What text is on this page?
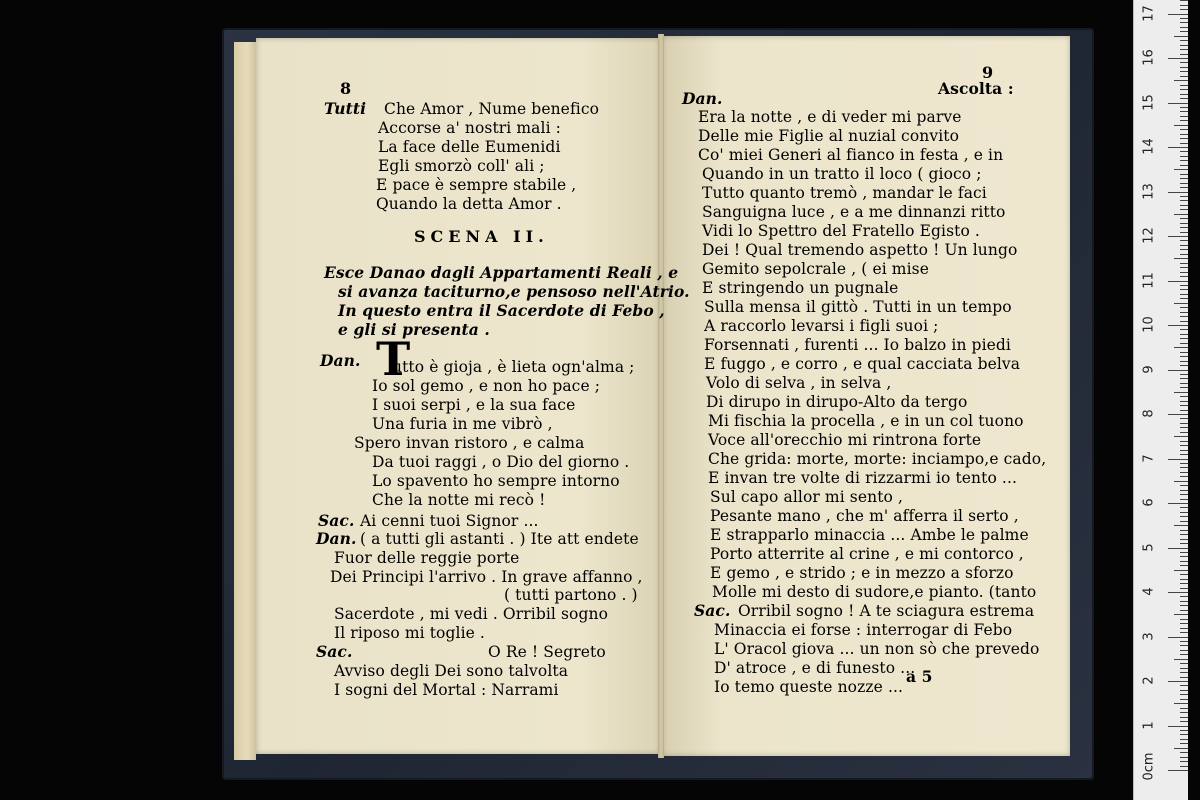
Tutti Che Amor , Nume benefico
Accorse a' nostri mali :
La face delle Eumenidi
Egli smorzò coll' ali ;
E pace è sempre stabile ,
Quando la detta Amor .
SCENA II.
Esce Danao dagli Appartamenti Reali , e
si avanza taciturno,e pensoso nell'Atrio.
In questo entra il Sacerdote di Febo ,
e gli si presenta .
Dan. T
utto è gioja , è lieta ogn'alma ;
Io sol gemo , e non ho pace ;
I suoi serpi , e la sua face
Una furia in me vibrò ,
Spero invan ristoro , e calma
Da tuoi raggi , o Dio del giorno .
Lo spavento ho sempre intorno
Che la notte mi recò !
Sac. Ai cenni tuoi Signor ...
Dan. ( a tutti gli astanti . ) Ite att endete
Fuor delle reggie porte
Dei Principi l'arrivo . In grave affanno ,
( tutti partono . )
Sacerdote , mi vedi . Orribil sogno
Il riposo mi toglie .
Sac.	O Re ! Segreto
Avviso degli Dei sono talvolta
I sogni del Mortal : Narrami
Dan.
Era la notte , e di veder mi parve
Delle mie Figlie al nuzial convito
Co' miei Generi al fianco in festa , e in
Quando in un tratto il loco ( gioco ;
Tutto quanto tremò , mandar le faci
Sanguigna luce , e a me dinnanzi ritto
Vidi lo Spettro del Fratello Egisto .
Dei ! Qual tremendo aspetto ! Un lungo
Gemito sepolcrale , ( ei mise
E stringendo un pugnale
Sulla mensa il gittò . Tutti in un tempo
A raccorlo levarsi i figli suoi ;
Forsennati , furenti ... Io balzo in piedi
E fuggo , e corro , e qual cacciata belva
Volo di selva , in selva ,
Di dirupo in dirupo-Alto da tergo
Mi fischia la procella , e in un col tuono
Voce all'orecchio mi rintrona forte
Che grida: morte, morte: inciampo,e cado,
E invan tre volte di rizzarmi io tento ...
Sul capo allor mi sento ,
Pesante mano , che m' afferra il serto ,
E strapparlo minaccia ... Ambe le palme
Porto atterrite al crine , e mi contorco ,
E gemo , e strido ; e in mezzo a sforzo
Molle mi desto di sudore,e pianto. (tanto
Sac. Orribil sogno ! A te sciagura estrema
Minaccia ei forse : interrogar di Febo
L' Oracol giova ... un non sò che prevedo
D' atroce , e di funesto ...
Io temo queste nozze ...
8
9
Ascolta :
a 5
0cm
1
2
3
4
5
6
7
8
9
10
11
12
13
14
15
16
17
